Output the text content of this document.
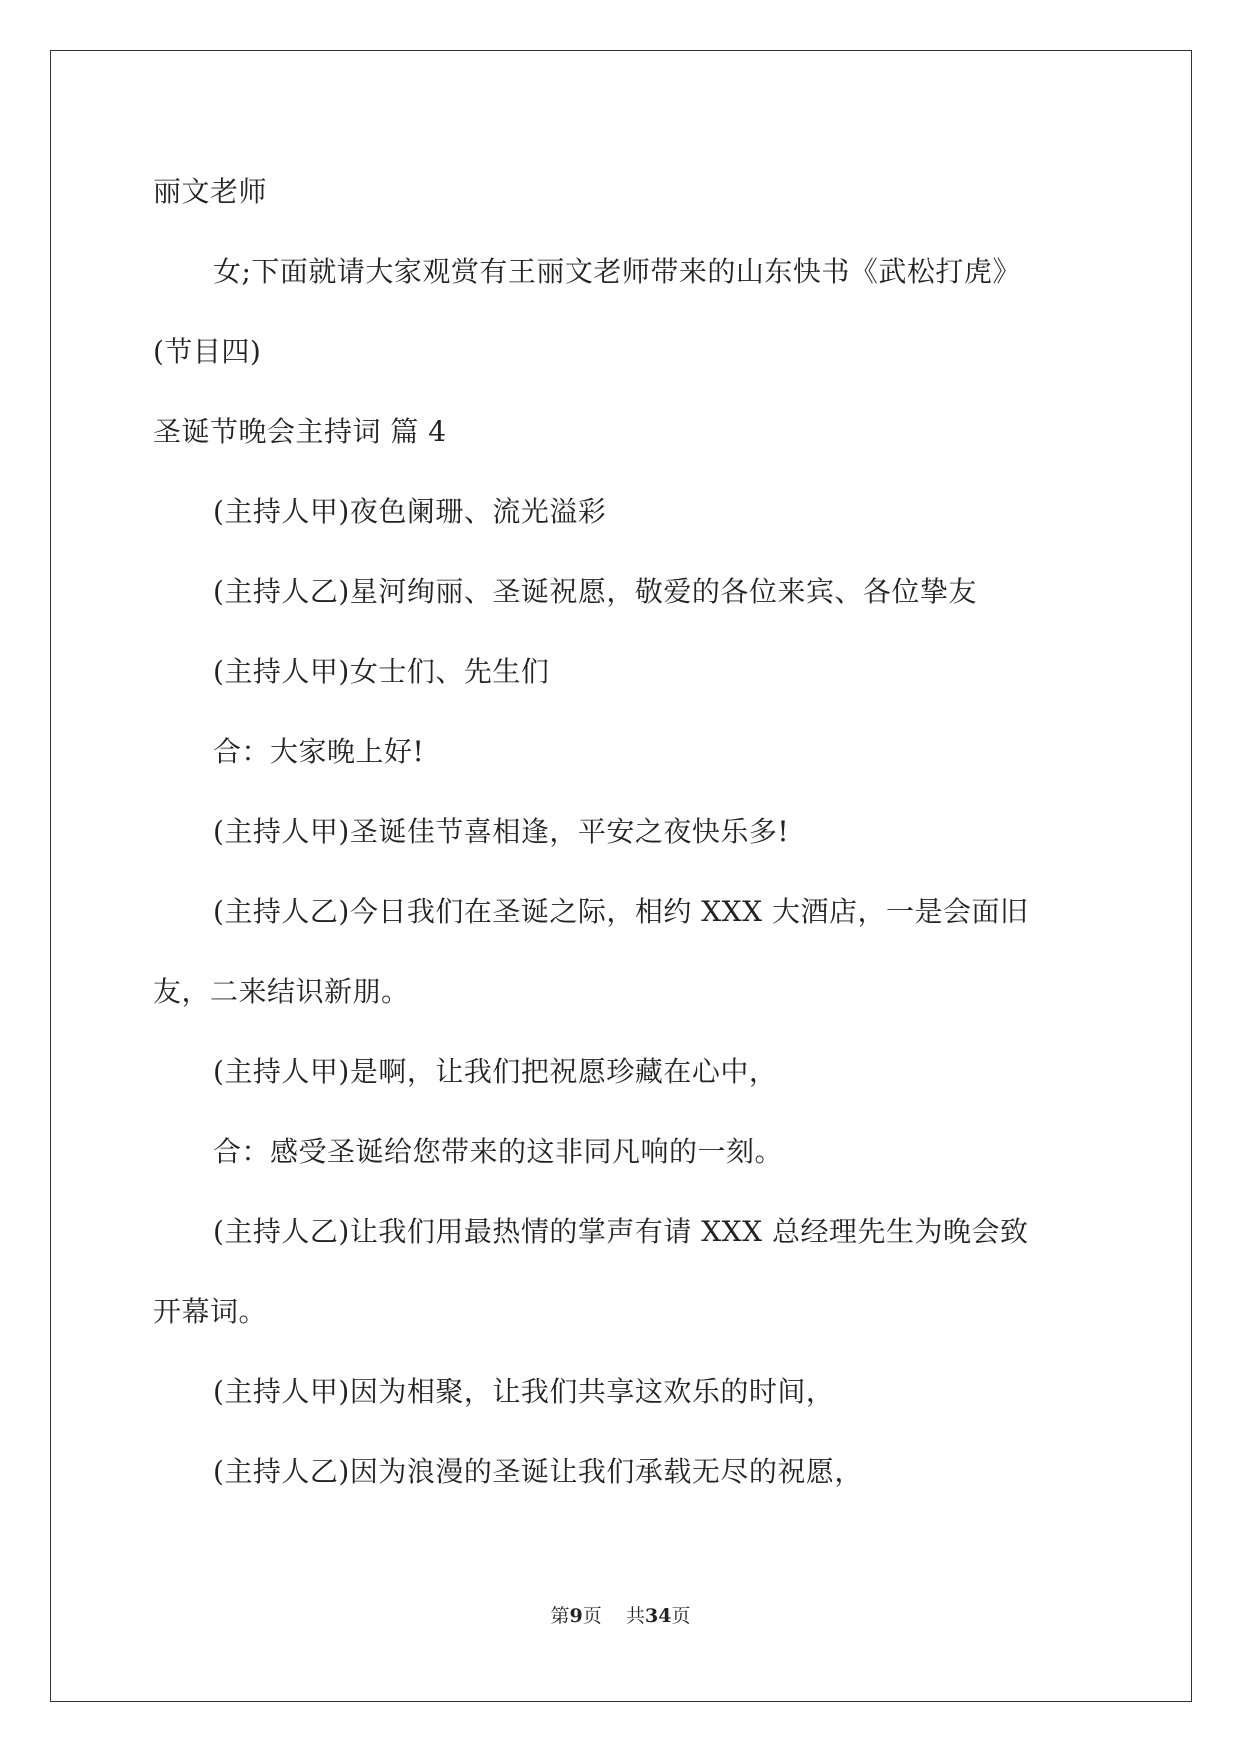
丽文老师
女;下面就请大家观赏有王丽文老师带来的山东快书《武松打虎》
(节目四)
圣诞节晚会主持词 篇 4
(主持人甲)夜色阑珊、流光溢彩
(主持人乙)星河绚丽、圣诞祝愿，敬爱的各位来宾、各位挚友
(主持人甲)女士们、先生们
合：大家晚上好!
(主持人甲)圣诞佳节喜相逢，平安之夜快乐多!
(主持人乙)今日我们在圣诞之际，相约 XXX 大酒店，一是会面旧
友，二来结识新朋。
(主持人甲)是啊，让我们把祝愿珍藏在心中，
合：感受圣诞给您带来的这非同凡响的一刻。
(主持人乙)让我们用最热情的掌声有请 XXX 总经理先生为晚会致
开幕词。
(主持人甲)因为相聚，让我们共享这欢乐的时间，
(主持人乙)因为浪漫的圣诞让我们承载无尽的祝愿，
第9页 共34页
